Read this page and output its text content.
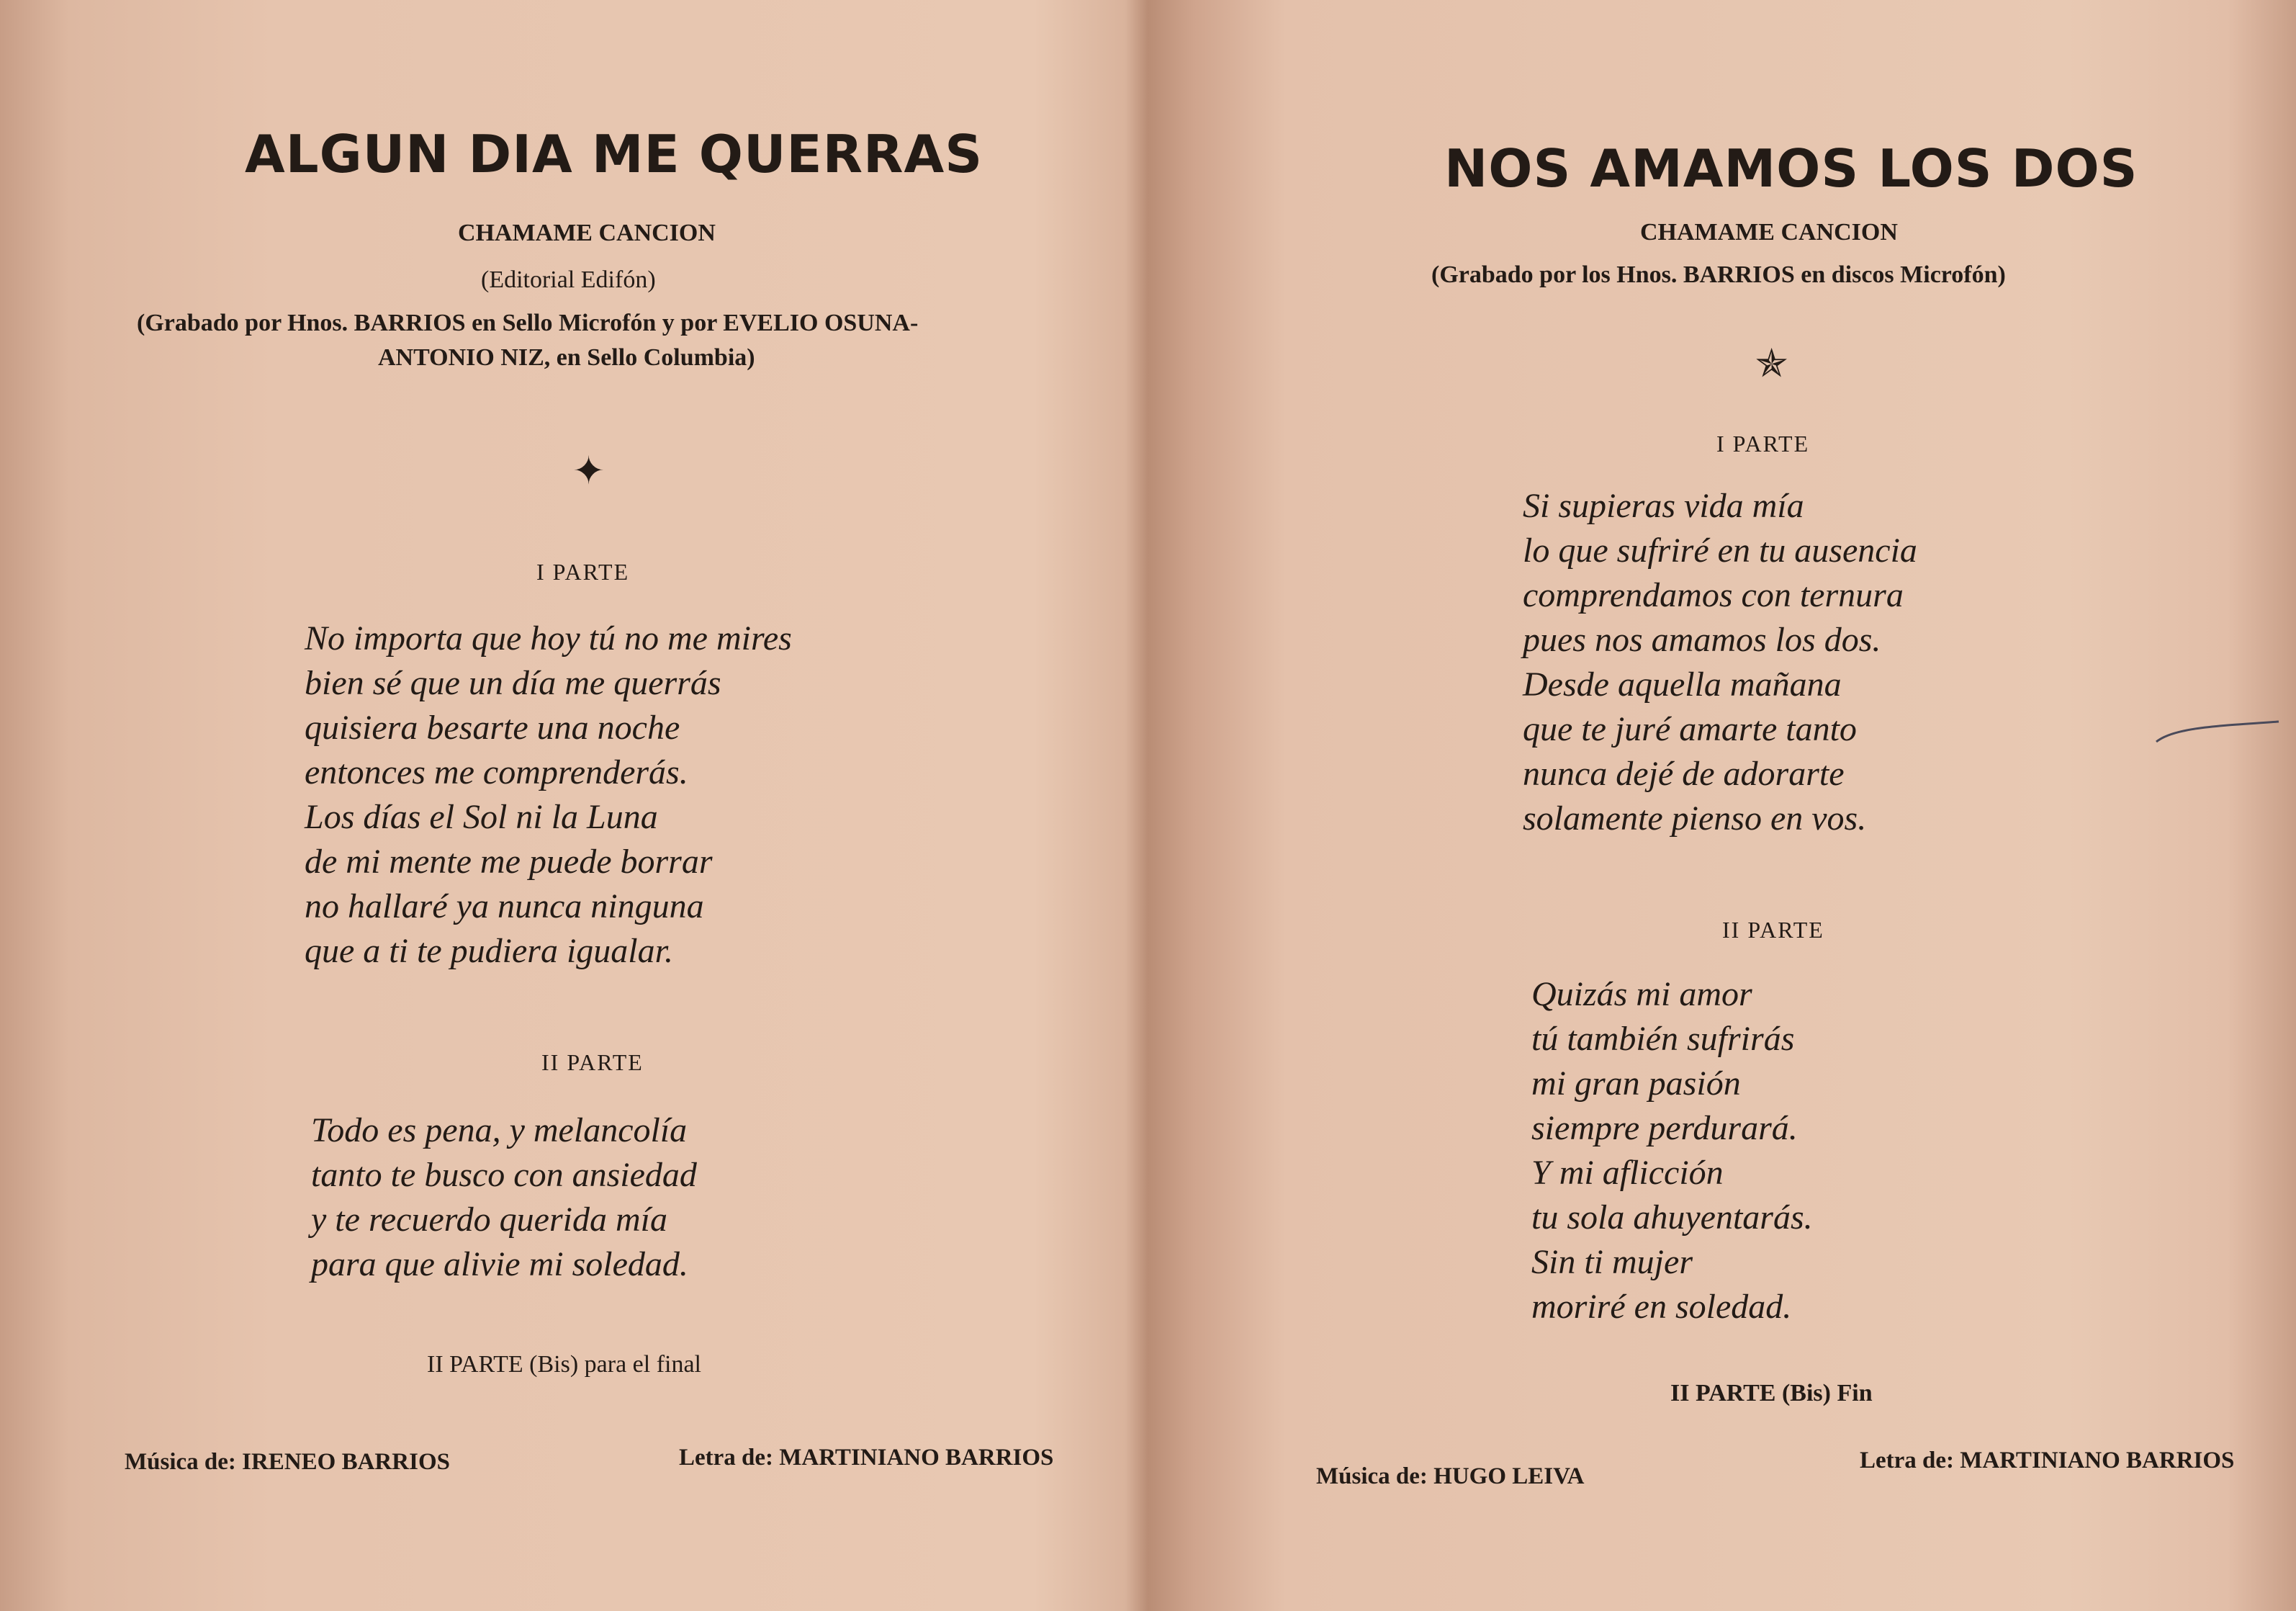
ALGUN DIA ME QUERRAS
CHAMAME CANCION
(Editorial Edifón)
(Grabado por Hnos. BARRIOS en Sello Microfón y por EVELIO OSUNA-
ANTONIO NIZ, en Sello Columbia)
✦
I PARTE
No importa que hoy tú no me mires
bien sé que un día me querrás
quisiera besarte una noche
entonces me comprenderás.
Los días el Sol ni la Luna
de mi mente me puede borrar
no hallaré ya nunca ninguna
que a ti te pudiera igualar.
II PARTE
Todo es pena, y melancolía
tanto te busco con ansiedad
y te recuerdo querida mía
para que alivie mi soledad.
II PARTE (Bis) para el final
Música de: IRENEO BARRIOS	Letra de: MARTINIANO BARRIOS
NOS AMAMOS LOS DOS
CHAMAME CANCION
(Grabado por los Hnos. BARRIOS en discos Microfón)
✯
I PARTE
Si supieras vida mía
lo que sufriré en tu ausencia
comprendamos con ternura
pues nos amamos los dos.
Desde aquella mañana
que te juré amarte tanto
nunca dejé de adorarte
solamente pienso en vos.
II PARTE
Quizás mi amor
tú también sufrirás
mi gran pasión
siempre perdurará.
Y mi aflicción
tu sola ahuyentarás.
Sin ti mujer
moriré en soledad.
II PARTE (Bis) Fin
Música de: HUGO LEIVA
Letra de: MARTINIANO BARRIOS
